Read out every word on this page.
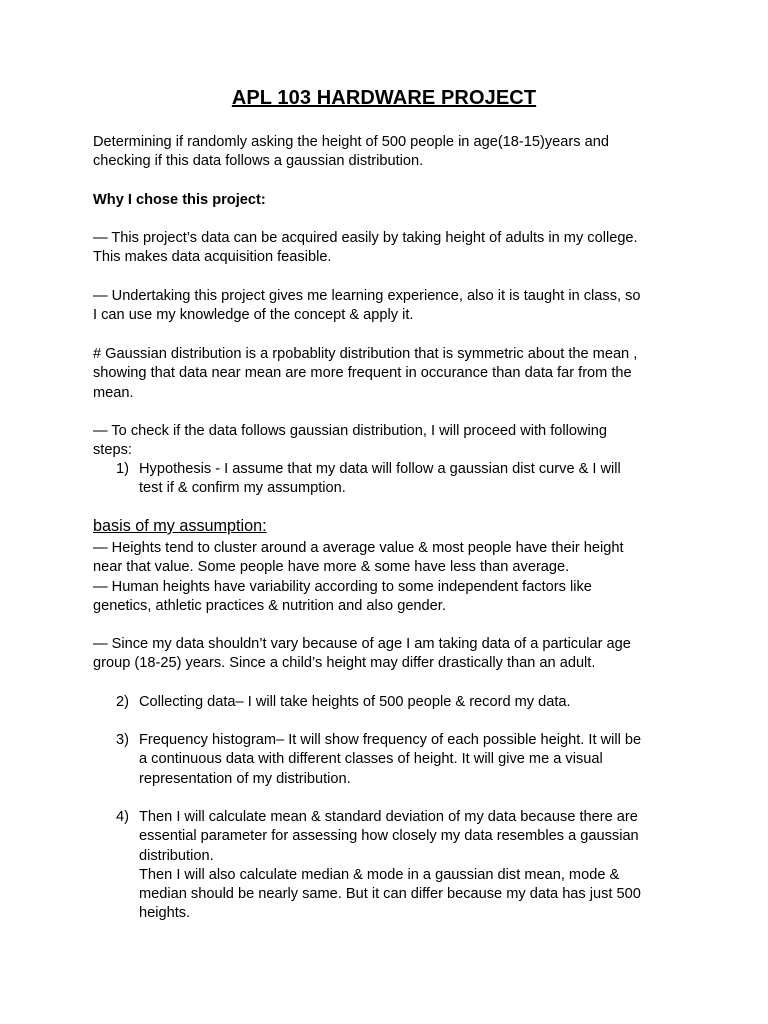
APL 103 HARDWARE PROJECT

Determining if randomly asking the height of 500 people in age(18-15)years and
checking if this data follows a gaussian distribution.

Why I chose this project:

— This project’s data can be acquired easily by taking height of adults in my college.
This makes data acquisition feasible.

— Undertaking this project gives me learning experience, also it is taught in class, so
I can use my knowledge of the concept & apply it.

# Gaussian distribution is a rpobablity distribution that is symmetric about the mean ,
showing that data near mean are more frequent in occurance than data far from the
mean.

— To check if the data follows gaussian distribution, I will proceed with following
steps:

1) Hypothesis - I assume that my data will follow a gaussian dist curve & I will
test if & confirm my assumption.

basis of my assumption:

— Heights tend to cluster around a average value & most people have their height
near that value. Some people have more & some have less than average.
— Human heights have variability according to some independent factors like
genetics, athletic practices & nutrition and also gender.

— Since my data shouldn’t vary because of age I am taking data of a particular age
group (18-25) years. Since a child’s height may differ drastically than an adult.

2) Collecting data– I will take heights of 500 people & record my data.
3) Frequency histogram– It will show frequency of each possible height. It will be
a continuous data with different classes of height. It will give me a visual
representation of my distribution.
4) Then I will calculate mean & standard deviation of my data because there are
essential parameter for assessing how closely my data resembles a gaussian
distribution.
Then I will also calculate median & mode in a gaussian dist mean, mode &
median should be nearly same. But it can differ because my data has just 500
heights.
